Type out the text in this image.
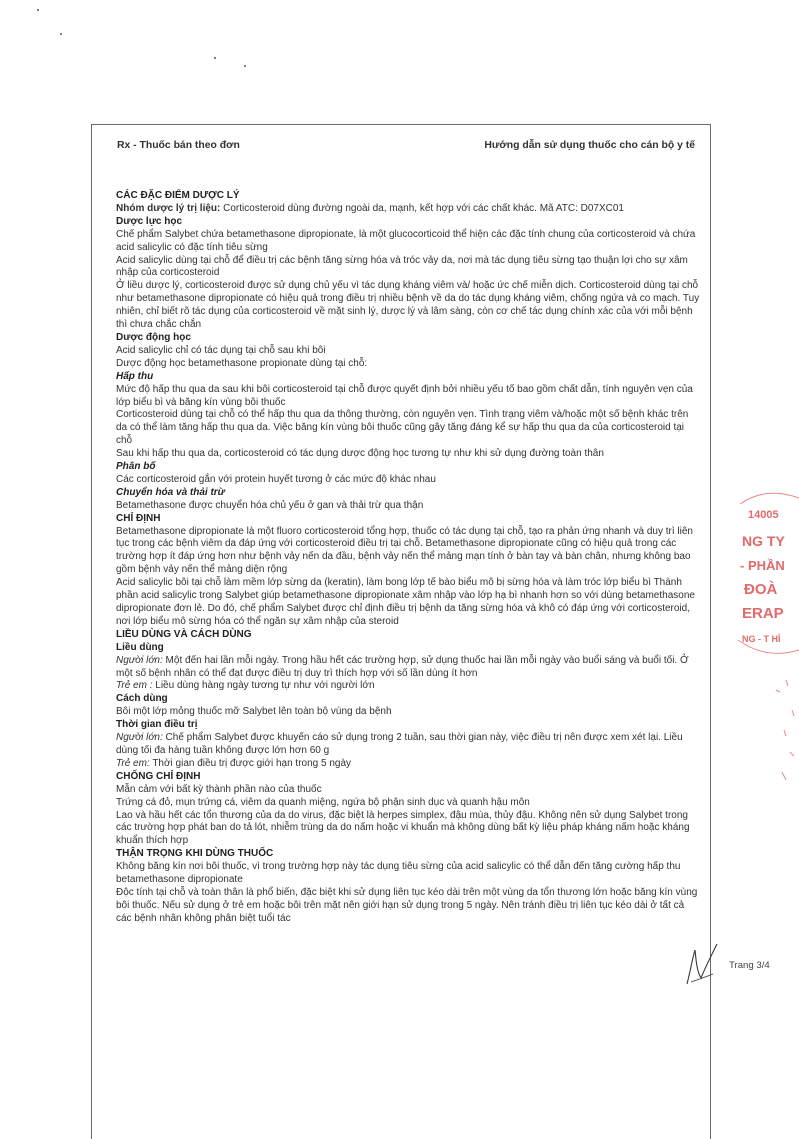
Rx - Thuốc bán theo đơn	Hướng dẫn sử dụng thuốc cho cán bộ y tế

CÁC ĐẶC ĐIỂM DƯỢC LÝ

Nhóm dược lý trị liệu: Corticosteroid dùng đường ngoài da, mạnh, kết hợp với các chất khác. Mã ATC: D07XC01

Dược lực học

Chế phẩm Salybet chứa betamethasone dipropionate, là một glucocorticoid thể hiện các đặc tính chung của corticosteroid và chứa acid salicylic có đặc tính tiêu sừng

Acid salicylic dùng tại chỗ để điều trị các bệnh tăng sừng hóa và tróc vảy da, nơi mà tác dụng tiêu sừng tạo thuận lợi cho sự xâm nhập của corticosteroid

Ở liều dược lý, corticosteroid được sử dụng chủ yếu vì tác dụng kháng viêm và/ hoặc ức chế miễn dịch. Corticosteroid dùng tại chỗ như betamethasone dipropionate có hiệu quả trong điều trị nhiều bệnh về da do tác dụng kháng viêm, chống ngứa và co mạch. Tuy nhiên, chỉ biết rõ tác dụng của corticosteroid về mặt sinh lý, dược lý và lâm sàng, còn cơ chế tác dụng chính xác của với mỗi bệnh thì chưa chắc chắn

Dược động học

Acid salicylic chỉ có tác dụng tại chỗ sau khi bôi

Dược động học betamethasone propionate dùng tại chỗ:

Hấp thu

Mức độ hấp thu qua da sau khi bôi corticosteroid tại chỗ được quyết định bởi nhiều yếu tố bao gồm chất dẫn, tính nguyên vẹn của lớp biểu bì và băng kín vùng bôi thuốc

Corticosteroid dùng tại chỗ có thể hấp thu qua da thông thường, còn nguyên vẹn. Tình trạng viêm và/hoặc một số bệnh khác trên da có thể làm tăng hấp thu qua da. Việc băng kín vùng bôi thuốc cũng gây tăng đáng kể sự hấp thu qua da của corticosteroid tại chỗ

Sau khi hấp thu qua da, corticosteroid có tác dụng dược động học tương tự như khi sử dụng đường toàn thân

Phân bố

Các corticosteroid gắn với protein huyết tương ở các mức độ khác nhau

Chuyển hóa và thải trừ

Betamethasone được chuyển hóa chủ yếu ở gan và thải trừ qua thận

CHỈ ĐỊNH

Betamethasone dipropionate là một fluoro corticosteroid tổng hợp, thuốc có tác dụng tại chỗ, tạo ra phản ứng nhanh và duy trì liên tục trong các bệnh viêm da đáp ứng với corticosteroid điều trị tại chỗ. Betamethasone dipropionate cũng có hiệu quả trong các trường hợp ít đáp ứng hơn như bệnh vảy nến da đầu, bệnh vảy nến thể mảng mạn tính ở bàn tay và bàn chân, nhưng không bao gồm bệnh vảy nến thể mảng diện rộng

Acid salicylic bôi tại chỗ làm mềm lớp sừng da (keratin), làm bong lớp tế bào biểu mô bị sừng hóa và làm tróc lớp biểu bì Thành phần acid salicylic trong Salybet giúp betamethasone dipropionate xâm nhập vào lớp hạ bì nhanh hơn so với dùng betamethasone dipropionate đơn lẻ. Do đó, chế phẩm Salybet được chỉ định điều trị bệnh da tăng sừng hóa và khô có đáp ứng với corticosteroid, nơi lớp biểu mô sừng hóa có thể ngăn sự xâm nhập của steroid

LIỀU DÙNG VÀ CÁCH DÙNG

Liều dùng

Người lớn: Một đến hai lần mỗi ngày. Trong hầu hết các trường hợp, sử dụng thuốc hai lần mỗi ngày vào buổi sáng và buổi tối. Ở một số bệnh nhân có thể đạt được điều trị duy trì thích hợp với số lần dùng ít hơn

Trẻ em : Liều dùng hàng ngày tương tự như với người lớn

Cách dùng

Bôi một lớp mỏng thuốc mỡ Salybet lên toàn bộ vùng da bệnh

Thời gian điều trị

Người lớn: Chế phẩm Salybet được khuyến cáo sử dụng trong 2 tuần, sau thời gian này, việc điều trị nên được xem xét lại. Liều dùng tối đa hàng tuần không được lớn hơn 60 g

Trẻ em: Thời gian điều trị được giới hạn trong 5 ngày

CHỐNG CHỈ ĐỊNH

Mẫn cảm với bất kỳ thành phần nào của thuốc

Trứng cá đỏ, mụn trứng cá, viêm da quanh miệng, ngứa bộ phận sinh dục và quanh hậu môn

Lao và hầu hết các tổn thương của da do virus, đặc biệt là herpes simplex, đậu mùa, thủy đậu. Không nên sử dụng Salybet trong các trường hợp phát ban do tả lót, nhiễm trùng da do nấm hoặc vi khuẩn mà không dùng bất kỳ liệu pháp kháng nấm hoặc kháng khuẩn thích hợp

THẬN TRỌNG KHI DÙNG THUỐC

Không băng kín nơi bôi thuốc, vì trong trường hợp này tác dụng tiêu sừng của acid salicylic có thể dẫn đến tăng cường hấp thu betamethasone dipropionate

Độc tính tại chỗ và toàn thân là phổ biến, đặc biệt khi sử dụng liên tục kéo dài trên một vùng da tổn thương lớn hoặc băng kín vùng bôi thuốc. Nếu sử dụng ở trẻ em hoặc bôi trên mặt nên giới hạn sử dụng trong 5 ngày. Nên tránh điều trị liên tục kéo dài ở tất cả các bệnh nhân không phân biệt tuổi tác

Trang 3/4
14005
NG TY
- PHẦN
ĐOÀ
ERAP
NG - T HÌ
